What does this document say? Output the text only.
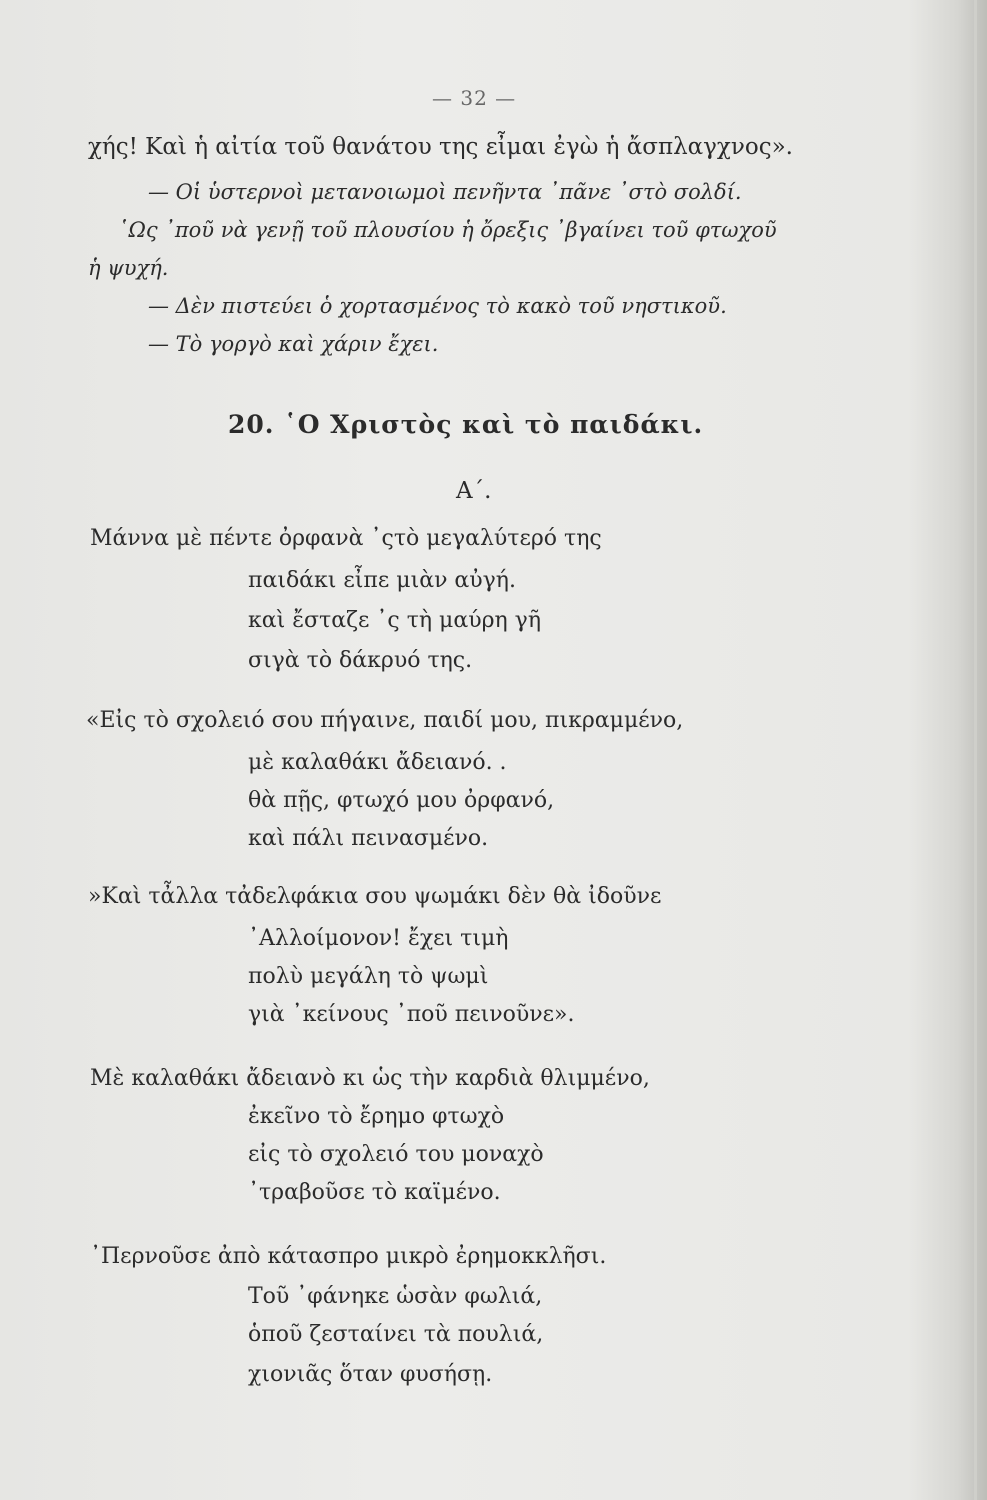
— 32 —
χής! Καὶ ἡ αἰτία τοῦ θανάτου της εἶμαι ἐγὼ ἡ ἄσπλαγχνος».
— Οἱ ὑστερνοὶ μετανοιωμοὶ πενῆντα ᾽πᾶνε ᾽στὸ σολδί.
῾Ως ᾽ποῦ νὰ γενῇ τοῦ πλουσίου ἡ ὄρεξις ᾽βγαίνει τοῦ φτωχοῦ
ἡ ψυχή.
— Δὲν πιστεύει ὁ χορτασμένος τὸ κακὸ τοῦ νηστικοῦ.
— Τὸ γοργὸ καὶ χάριν ἔχει.
20. ῾Ο Χριστὸς καὶ τὸ παιδάκι.
Α΄.
Μάννα μὲ πέντε ὀρφανὰ ᾽ςτὸ μεγαλύτερό της
παιδάκι εἶπε μιὰν αὐγή.
καὶ ἔσταζε ᾽ς τὴ μαύρη γῆ
σιγὰ τὸ δάκρυό της.
«Εἰς τὸ σχολειό σου πήγαινε, παιδί μου, πικραμμένο,
μὲ καλαθάκι ἄδειανό. .
θὰ πῇς, φτωχό μου ὀρφανό,
καὶ πάλι πεινασμένο.
»Καὶ τἆλλα τἀδελφάκια σου ψωμάκι δὲν θὰ ἰδοῦνε
᾽Αλλοίμονον! ἔχει τιμὴ
πολὺ μεγάλη τὸ ψωμὶ
γιὰ ᾽κείνους ᾽ποῦ πεινοῦνε».
Μὲ καλαθάκι ἄδειανὸ κι ὡς τὴν καρδιὰ θλιμμένο,
ἐκεῖνο τὸ ἔρημο φτωχὸ
εἰς τὸ σχολειό του μοναχὸ
᾽τραβοῦσε τὸ καϊμένο.
᾽Περνοῦσε ἀπὸ κάτασπρο μικρὸ ἐρημοκκλῆσι.
Τοῦ ᾽φάνηκε ὡσὰν φωλιά,
ὁποῦ ζεσταίνει τὰ πουλιά,
χιονιᾶς ὅταν φυσήσῃ.
